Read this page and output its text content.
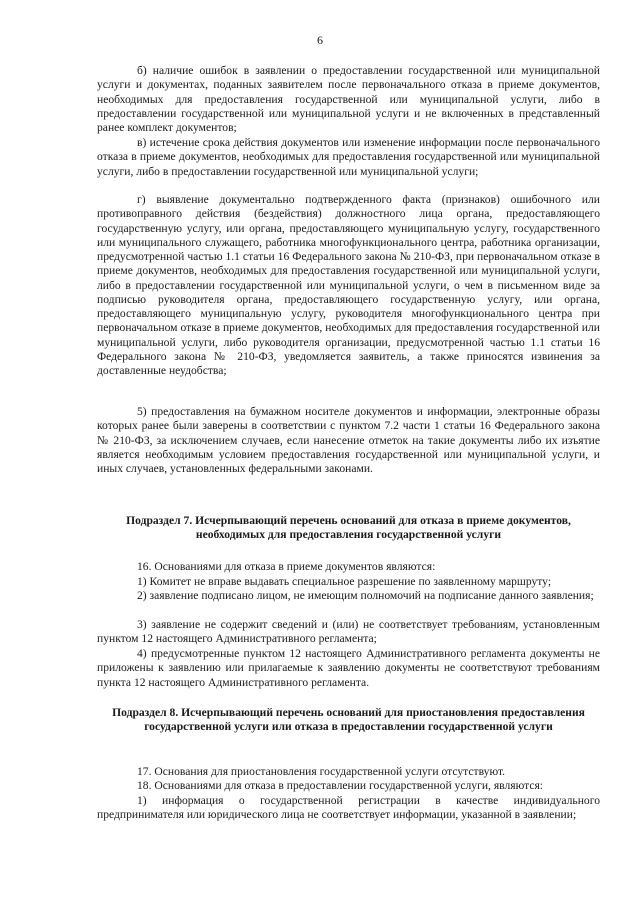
6

б) наличие ошибок в заявлении о предоставлении государственной или муниципальной услуги и документах, поданных заявителем после первоначального отказа в приеме документов, необходимых для предоставления государственной или муниципальной услуги, либо в предоставлении государственной или муниципальной услуги и не включенных в представленный ранее комплект документов;

в) истечение срока действия документов или изменение информации после первоначального отказа в приеме документов, необходимых для предоставления государственной или муниципальной услуги, либо в предоставлении государственной или муниципальной услуги;

г) выявление документально подтвержденного факта (признаков) ошибочного или противоправного действия (бездействия) должностного лица органа, предоставляющего государственную услугу, или органа, предоставляющего муниципальную услугу, государственного или муниципального служащего, работника многофункционального центра, работника организации, предусмотренной частью 1.1 статьи 16 Федерального закона № 210-ФЗ, при первоначальном отказе в приеме документов, необходимых для предоставления государственной или муниципальной услуги, либо в предоставлении государственной или муниципальной услуги, о чем в письменном виде за подписью руководителя органа, предоставляющего государственную услугу, или органа, предоставляющего муниципальную услугу, руководителя многофункционального центра при первоначальном отказе в приеме документов, необходимых для предоставления государственной или муниципальной услуги, либо руководителя организации, предусмотренной частью 1.1 статьи 16 Федерального закона № 210-ФЗ, уведомляется заявитель, а также приносятся извинения за доставленные неудобства;

5) предоставления на бумажном носителе документов и информации, электронные образы которых ранее были заверены в соответствии с пунктом 7.2 части 1 статьи 16 Федерального закона № 210-ФЗ, за исключением случаев, если нанесение отметок на такие документы либо их изъятие является необходимым условием предоставления государственной или муниципальной услуги, и иных случаев, установленных федеральными законами.

Подраздел 7. Исчерпывающий перечень оснований для отказа в приеме документов, необходимых для предоставления государственной услуги

16. Основаниями для отказа в приеме документов являются:

1) Комитет не вправе выдавать специальное разрешение по заявленному маршруту;

2) заявление подписано лицом, не имеющим полномочий на подписание данного заявления;

3) заявление не содержит сведений и (или) не соответствует требованиям, установленным пунктом 12 настоящего Административного регламента;

4) предусмотренные пунктом 12 настоящего Административного регламента документы не приложены к заявлению или прилагаемые к заявлению документы не соответствуют требованиям пункта 12 настоящего Административного регламента.

Подраздел 8. Исчерпывающий перечень оснований для приостановления предоставления государственной услуги или отказа в предоставлении государственной услуги

17. Основания для приостановления государственной услуги отсутствуют.

18. Основаниями для отказа в предоставлении государственной услуги, являются:

1) информация о государственной регистрации в качестве индивидуального предпринимателя или юридического лица не соответствует информации, указанной в заявлении;
